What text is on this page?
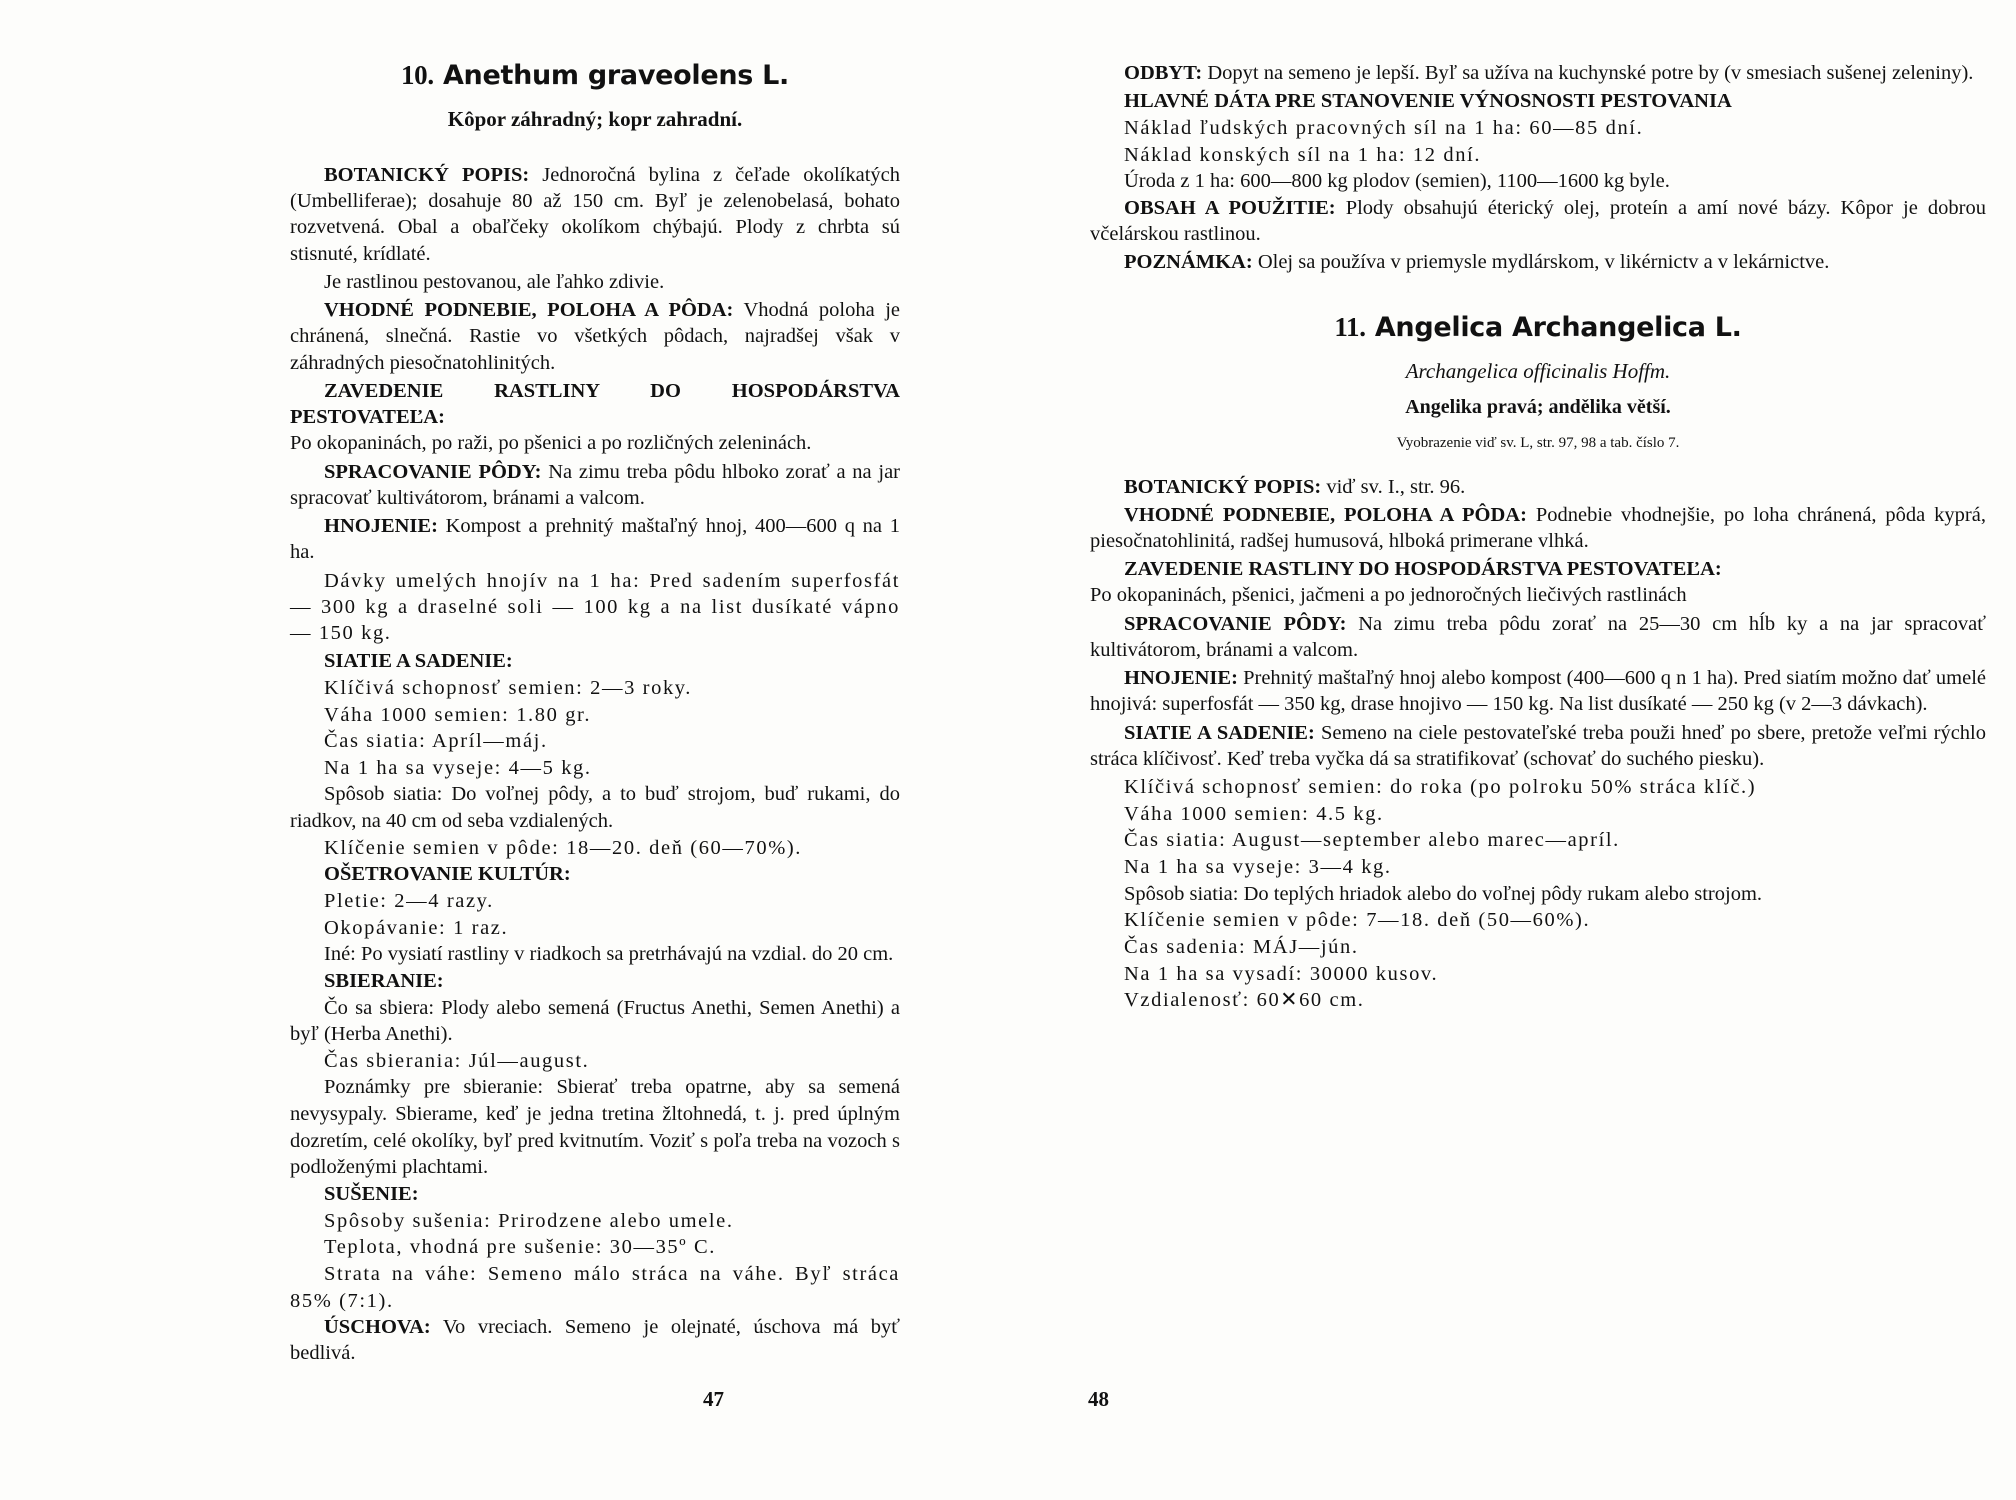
10. Anethum graveolens L.
Kôpor záhradný; kopr zahradní.

BOTANICKÝ POPIS: Jednoročná bylina z čeľade okolíkatých (Umbelliferae); dosahuje 80 až 150 cm. Byľ je zelenobelasá, bohato rozvetvená. Obal a obaľčeky okolíkom chýbajú. Plody z chrbta sú stisnuté, krídlaté.

Je rastlinou pestovanou, ale ľahko zdivie.

VHODNÉ PODNEBIE, POLOHA A PÔDA: Vhodná poloha je chránená, slnečná. Rastie vo všetkých pôdach, najradšej však v záhradných piesočnatohlinitých.

ZAVEDENIE RASTLINY DO HOSPODÁRSTVA PESTOVATEĽA:
Po okopaninách, po raži, po pšenici a po rozličných zeleninách.

SPRACOVANIE PÔDY: Na zimu treba pôdu hlboko zorať a na jar spracovať kultivátorom, bránami a valcom.

HNOJENIE: Kompost a prehnitý maštaľný hnoj, 400—600 q na 1 ha.

Dávky umelých hnojív na 1 ha: Pred sadením superfosfát — 300 kg a draselné soli — 100 kg a na list dusíkaté vápno — 150 kg.

SIATIE A SADENIE:

Klíčivá schopnosť semien: 2—3 roky.

Váha 1000 semien: 1.80 gr.

Čas siatia: Apríl—máj.

Na 1 ha sa vyseje: 4—5 kg.

Spôsob siatia: Do voľnej pôdy, a to buď strojom, buď rukami, do riadkov, na 40 cm od seba vzdialených.

Klíčenie semien v pôde: 18—20. deň (60—70%).

OŠETROVANIE KULTÚR:

Pletie: 2—4 razy.

Okopávanie: 1 raz.

Iné: Po vysiatí rastliny v riadkoch sa pretrhávajú na vzdial. do 20 cm.

SBIERANIE:

Čo sa sbiera: Plody alebo semená (Fructus Anethi, Semen Anethi) a byľ (Herba Anethi).

Čas sbierania: Júl—august.

Poznámky pre sbieranie: Sbierať treba opatrne, aby sa semená nevysypaly. Sbierame, keď je jedna tretina žltohnedá, t. j. pred úplným dozretím, celé okolíky, byľ pred kvitnutím. Voziť s poľa treba na vozoch s podloženými plachtami.

SUŠENIE:

Spôsoby sušenia: Prirodzene alebo umele.

Teplota, vhodná pre sušenie: 30—35º C.

Strata na váhe: Semeno málo stráca na váhe. Byľ stráca 85% (7:1).

ÚSCHOVA: Vo vreciach. Semeno je olejnaté, úschova má byť bedlivá.

47

ODBYT: Dopyt na semeno je lepší. Byľ sa užíva na kuchynské potre by (v smesiach sušenej zeleniny).

HLAVNÉ DÁTA PRE STANOVENIE VÝNOSNOSTI PESTOVANIA

Náklad ľudských pracovných síl na 1 ha: 60—85 dní.

Náklad konských síl na 1 ha: 12 dní.

Úroda z 1 ha: 600—800 kg plodov (semien), 1100—1600 kg byle.

OBSAH A POUŽITIE: Plody obsahujú éterický olej, proteín a amí nové bázy. Kôpor je dobrou včelárskou rastlinou.

POZNÁMKA: Olej sa používa v priemysle mydlárskom, v likérnictv a v lekárnictve.

11. Angelica Archangelica L.
Archangelica officinalis Hoffm.
Angelika pravá; andělika větší.
Vyobrazenie viď sv. L, str. 97, 98 a tab. číslo 7.

BOTANICKÝ POPIS: viď sv. I., str. 96.

VHODNÉ PODNEBIE, POLOHA A PÔDA: Podnebie vhodnejšie, po loha chránená, pôda kyprá, piesočnatohlinitá, radšej humusová, hlboká primerane vlhká.

ZAVEDENIE RASTLINY DO HOSPODÁRSTVA PESTOVATEĽA:
Po okopaninách, pšenici, jačmeni a po jednoročných liečivých rastlinách

SPRACOVANIE PÔDY: Na zimu treba pôdu zorať na 25—30 cm hĺb ky a na jar spracovať kultivátorom, bránami a valcom.

HNOJENIE: Prehnitý maštaľný hnoj alebo kompost (400—600 q n 1 ha). Pred siatím možno dať umelé hnojivá: superfosfát — 350 kg, drase hnojivo — 150 kg. Na list dusíkaté — 250 kg (v 2—3 dávkach).

SIATIE A SADENIE: Semeno na ciele pestovateľské treba použi hneď po sbere, pretože veľmi rýchlo stráca klíčivosť. Keď treba vyčka dá sa stratifikovať (schovať do suchého piesku).

Klíčivá schopnosť semien: do roka (po polroku 50% stráca klíč.)

Váha 1000 semien: 4.5 kg.

Čas siatia: August—september alebo marec—apríl.

Na 1 ha sa vyseje: 3—4 kg.

Spôsob siatia: Do teplých hriadok alebo do voľnej pôdy rukam alebo strojom.

Klíčenie semien v pôde: 7—18. deň (50—60%).

Čas sadenia: MÁJ—jún.

Na 1 ha sa vysadí: 30000 kusov.

Vzdialenosť: 60✕60 cm.

48
